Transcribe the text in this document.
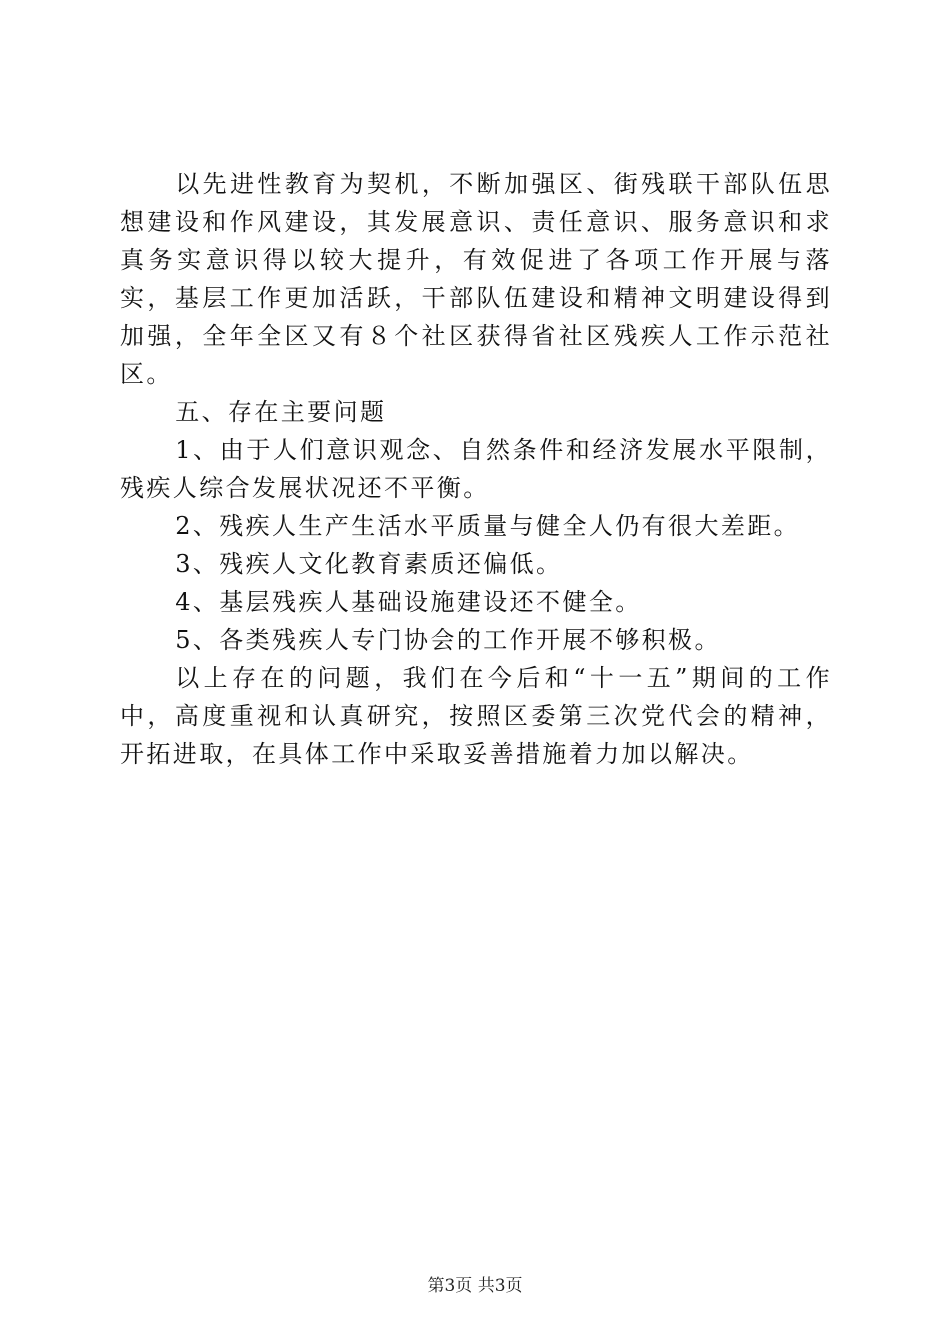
以先进性教育为契机，不断加强区、街残联干部队伍思想建设和作风建设，其发展意识、责任意识、服务意识和求真务实意识得以较大提升，有效促进了各项工作开展与落实，基层工作更加活跃，干部队伍建设和精神文明建设得到加强，全年全区又有８个社区获得省社区残疾人工作示范社区。

五、存在主要问题

1、由于人们意识观念、自然条件和经济发展水平限制，残疾人综合发展状况还不平衡。

2、残疾人生产生活水平质量与健全人仍有很大差距。

3、残疾人文化教育素质还偏低。

4、基层残疾人基础设施建设还不健全。

5、各类残疾人专门协会的工作开展不够积极。

以上存在的问题，我们在今后和“十一五”期间的工作中，高度重视和认真研究，按照区委第三次党代会的精神，开拓进取，在具体工作中采取妥善措施着力加以解决。

第3页 共3页
